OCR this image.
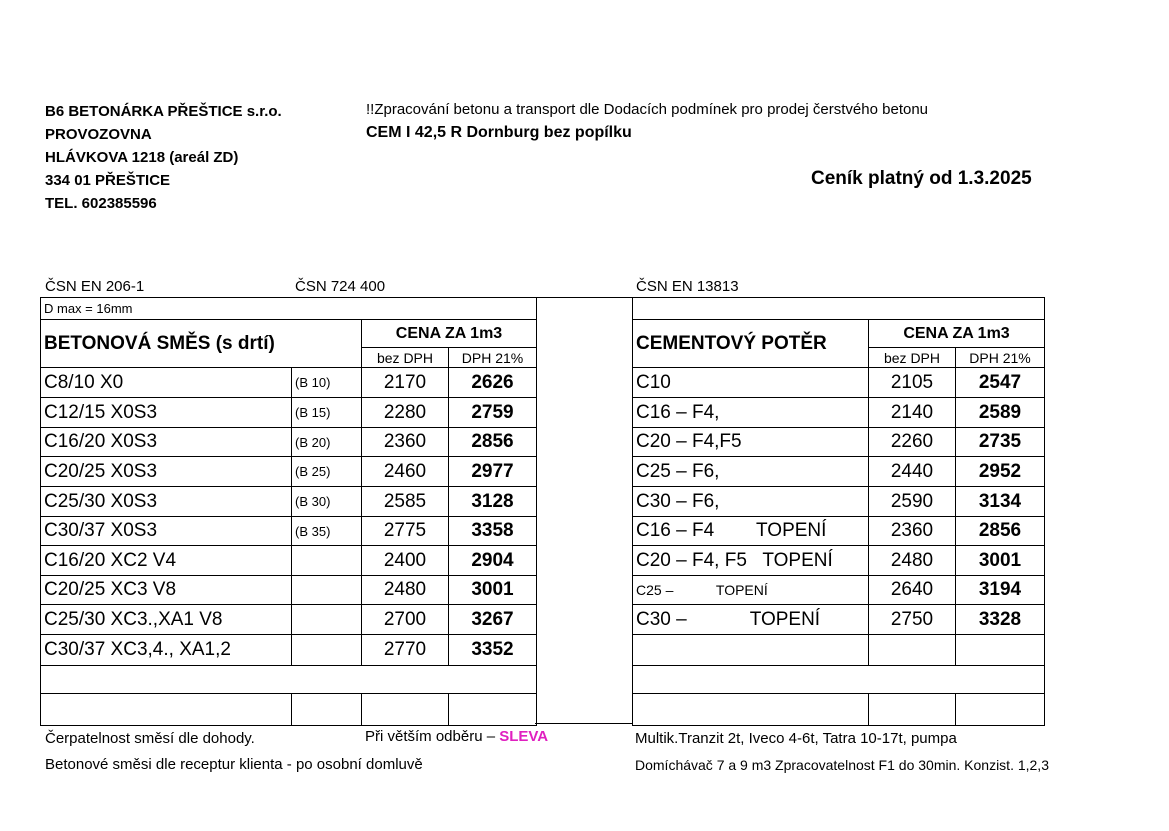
B6 BETONÁRKA PŘEŠTICE s.r.o.
PROVOZOVNA
HLÁVKOVA 1218 (areál ZD)
334 01 PŘEŠTICE
TEL. 602385596
!!Zpracování betonu a transport dle Dodacích podmínek pro prodej čerstvého betonu
CEM I 42,5 R Dornburg bez popílku
Ceník platný od 1.3.2025
ČSN EN 206-1	ČSN 724 400	ČSN EN 13813
D max = 16mm			
BETONOVÁ SMĚS (s drtí)		CENA ZA 1m3	
		bez DPH	DPH 21%
C8/10 X0	(B 10)	2170	2626
C12/15 X0S3	(B 15)	2280	2759
C16/20 X0S3	(B 20)	2360	2856
C20/25 X0S3	(B 25)	2460	2977
C25/30 X0S3	(B 30)	2585	3128
C30/37 X0S3	(B 35)	2775	3358
C16/20 XC2 V4		2400	2904
C20/25 XC3 V8		2480	3001
C25/30 XC3.,XA1 V8		2700	3267
C30/37 XC3,4., XA1,2		2770	3352

CEMENTOVÝ POTĚR	CENA ZA 1m3	
	bez DPH	DPH 21%
C10	2105	2547
C16 – F4,	2140	2589
C20 – F4,F5	2260	2735
C25 – F6,	2440	2952
C30 – F6,	2590	3134
C16 – F4        TOPENÍ	2360	2856
C20 – F4, F5   TOPENÍ	2480	3001
C25 –           TOPENÍ	2640	3194
C30 –            TOPENÍ	2750	3328

Čerpatelnost směsí dle dohody.	Při větším odběru – SLEVA	Multik.Tranzit 2t, Iveco 4-6t, Tatra 10-17t, pumpa
Betonové směsi dle receptur klienta - po osobní domluvě	Domíchávač 7 a 9 m3 Zpracovatelnost F1 do 30min. Konzist. 1,2,3
